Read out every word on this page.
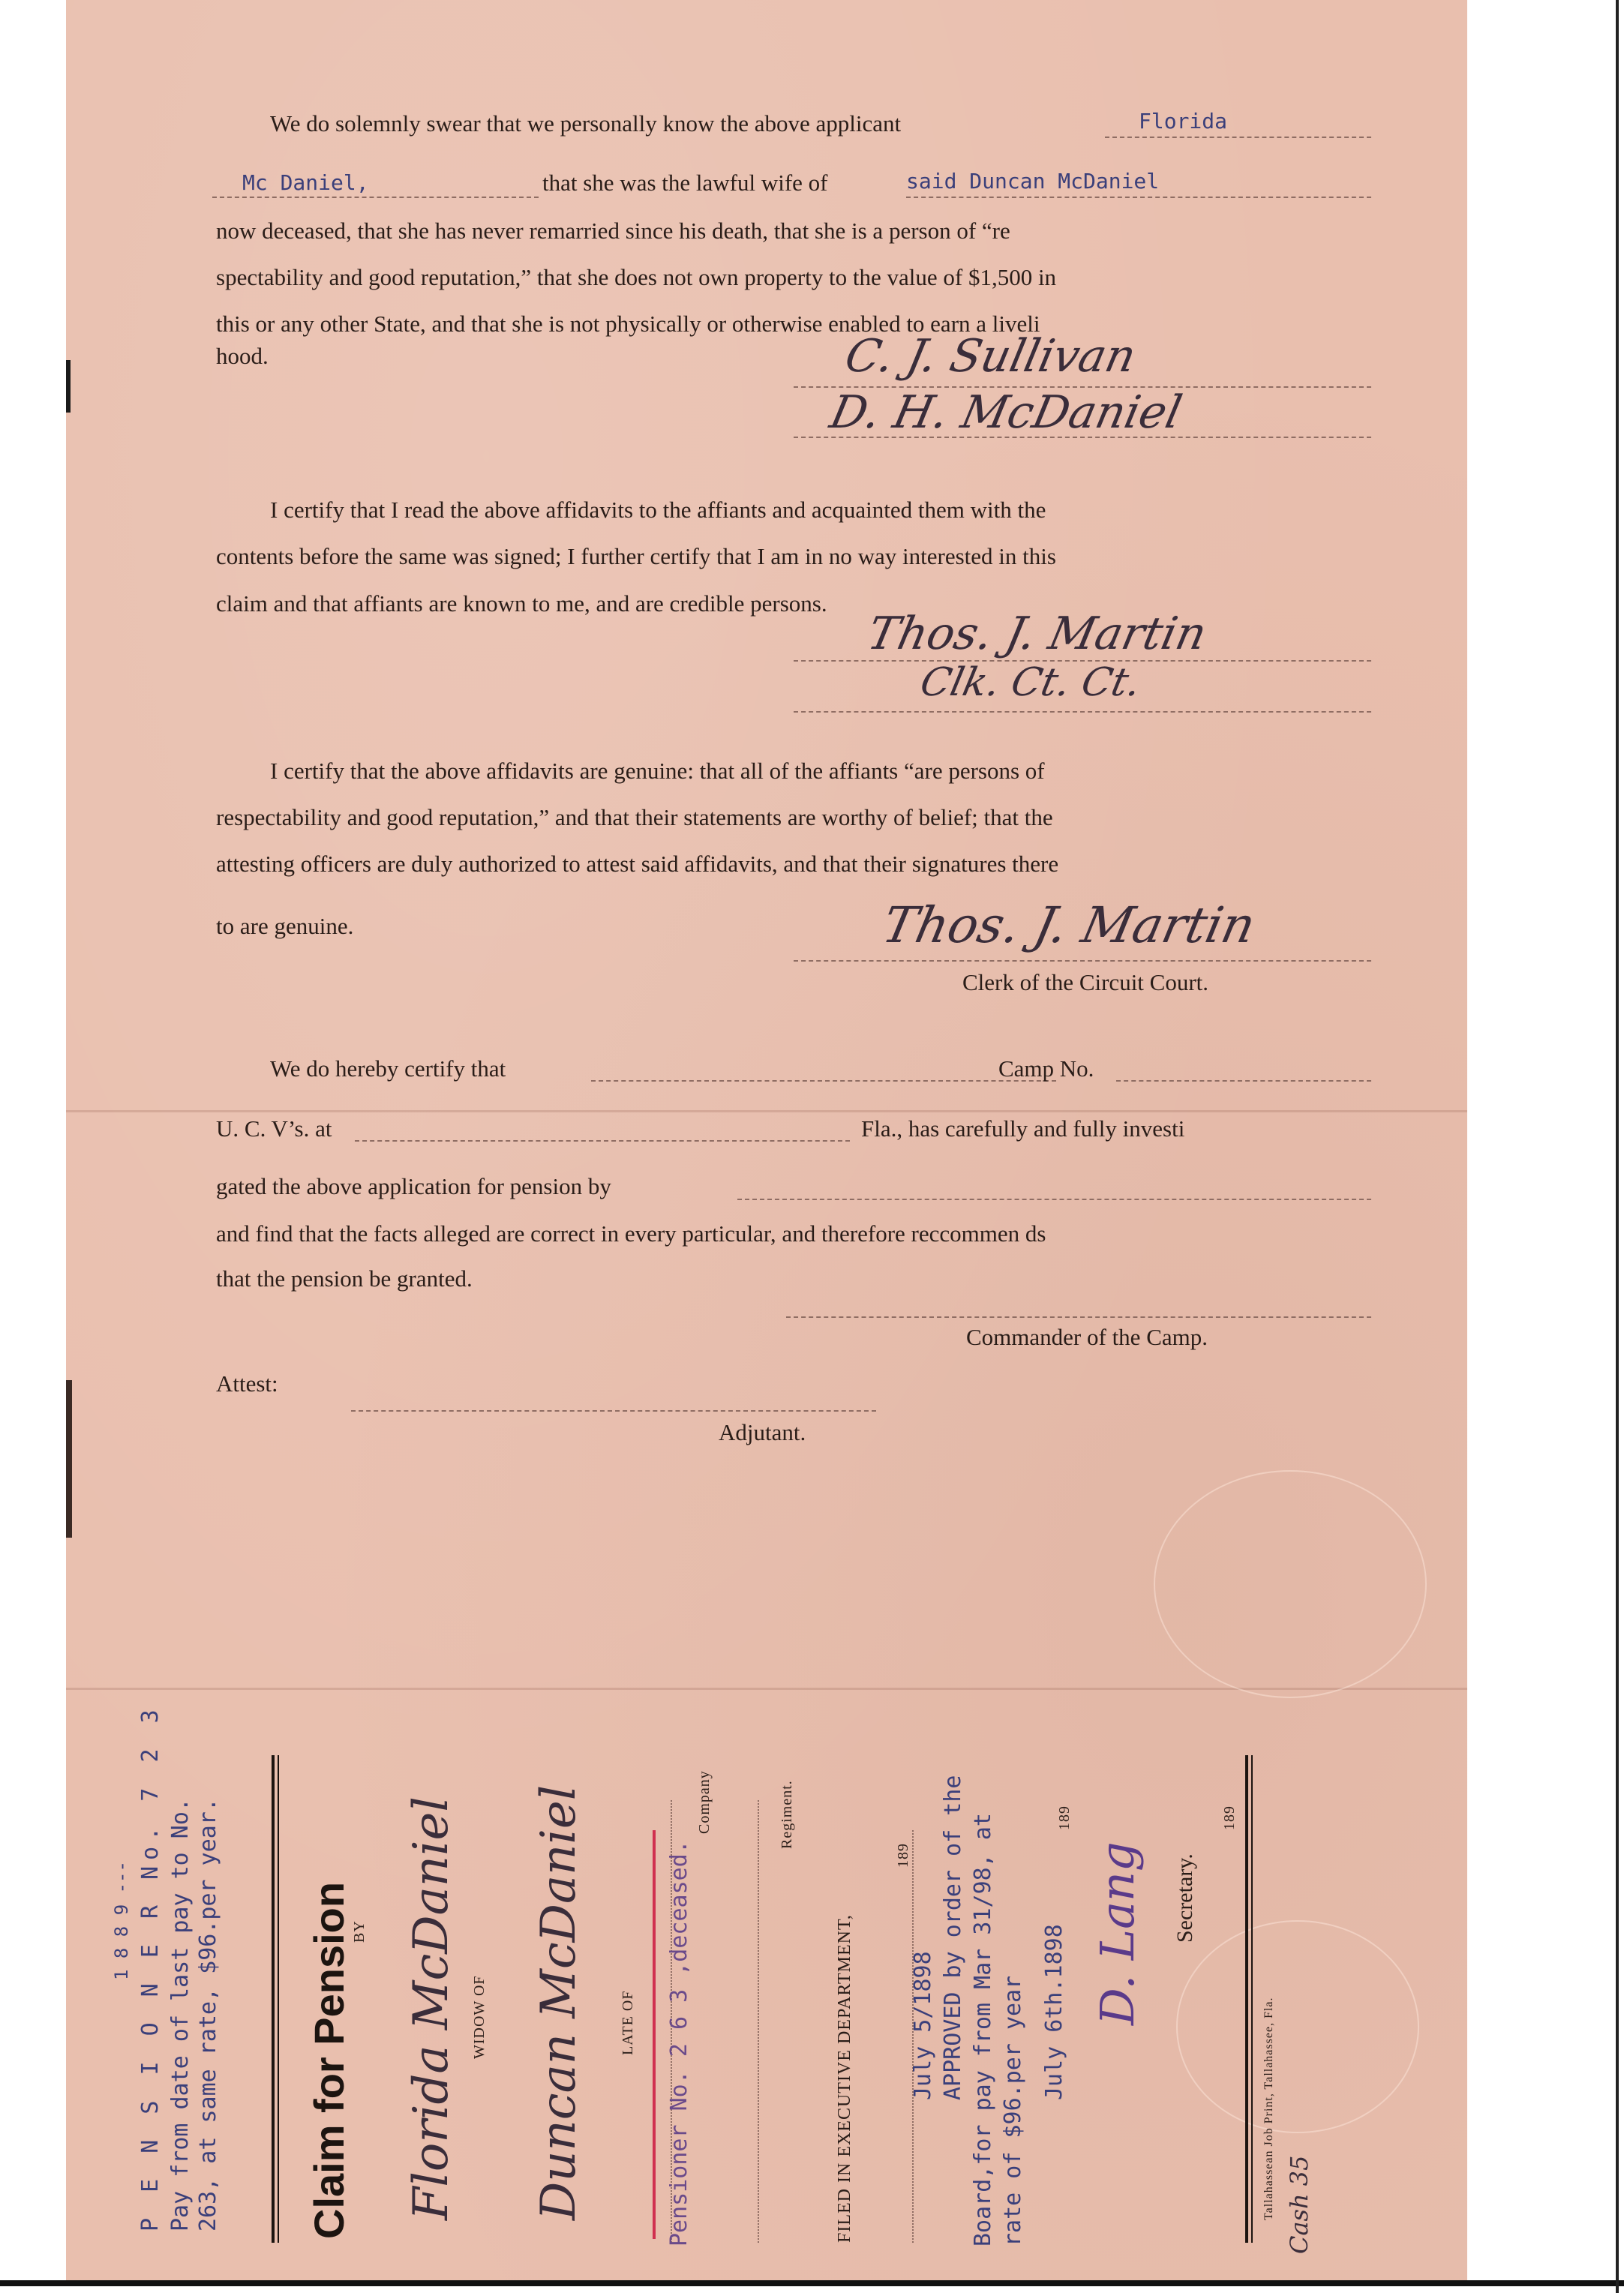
We do solemnly swear that we personally know the above applicant	Florida
Mc Daniel,	that she was the lawful wife of	said Duncan McDaniel
now deceased, that she has never remarried since his death, that she is a person of “re
spectability and good reputation,” that she does not own property to the value of $1,500 in
this or any other State, and that she is not physically or otherwise enabled to earn a liveli
hood.	C. J. Sullivan
D. H. McDaniel
I certify that I read the above affidavits to the affiants and acquainted them with the
contents before the same was signed; I further certify that I am in no way interested in this
claim and that affiants are known to me, and are credible persons.
Thos. J. Martin
Clk. Ct. Ct.
I certify that the above affidavits are genuine: that all of the affiants “are persons of
respectability and good reputation,” and that their statements are worthy of belief; that the
attesting officers are duly authorized to attest said affidavits, and that their signatures there
to are genuine.	Thos. J. Martin
Clerk of the Circuit Court.
We do hereby certify that	Camp No.
U. C. V’s. at	Fla., has carefully and fully investi
gated the above application for pension by
and find that the facts alleged are correct in every particular, and therefore reccommen ds
that the pension be granted.
Commander of the Camp.
Attest:
Adjutant.
P E N S I O N E R No. 7 2 3
1 8 8 9 --- Pay from date of last pay to No. 263, at same rate, $96.per year. Claim for Pension
BY Florida McDaniel WIDOW OF Duncan McDaniel LATE OF Pensioner No. 2 6 3 ,deceased.
Company	Regiment.
FILED IN EXECUTIVE DEPARTMENT,
189
July 5/1898 APPROVED by order of the Board,for pay from Mar 31/98, at rate of $96.per year
189
July 6th.1898 D. Lang Secretary.
189
Tallahassean Job Print, Tallahassee, Fla. Cash 35
